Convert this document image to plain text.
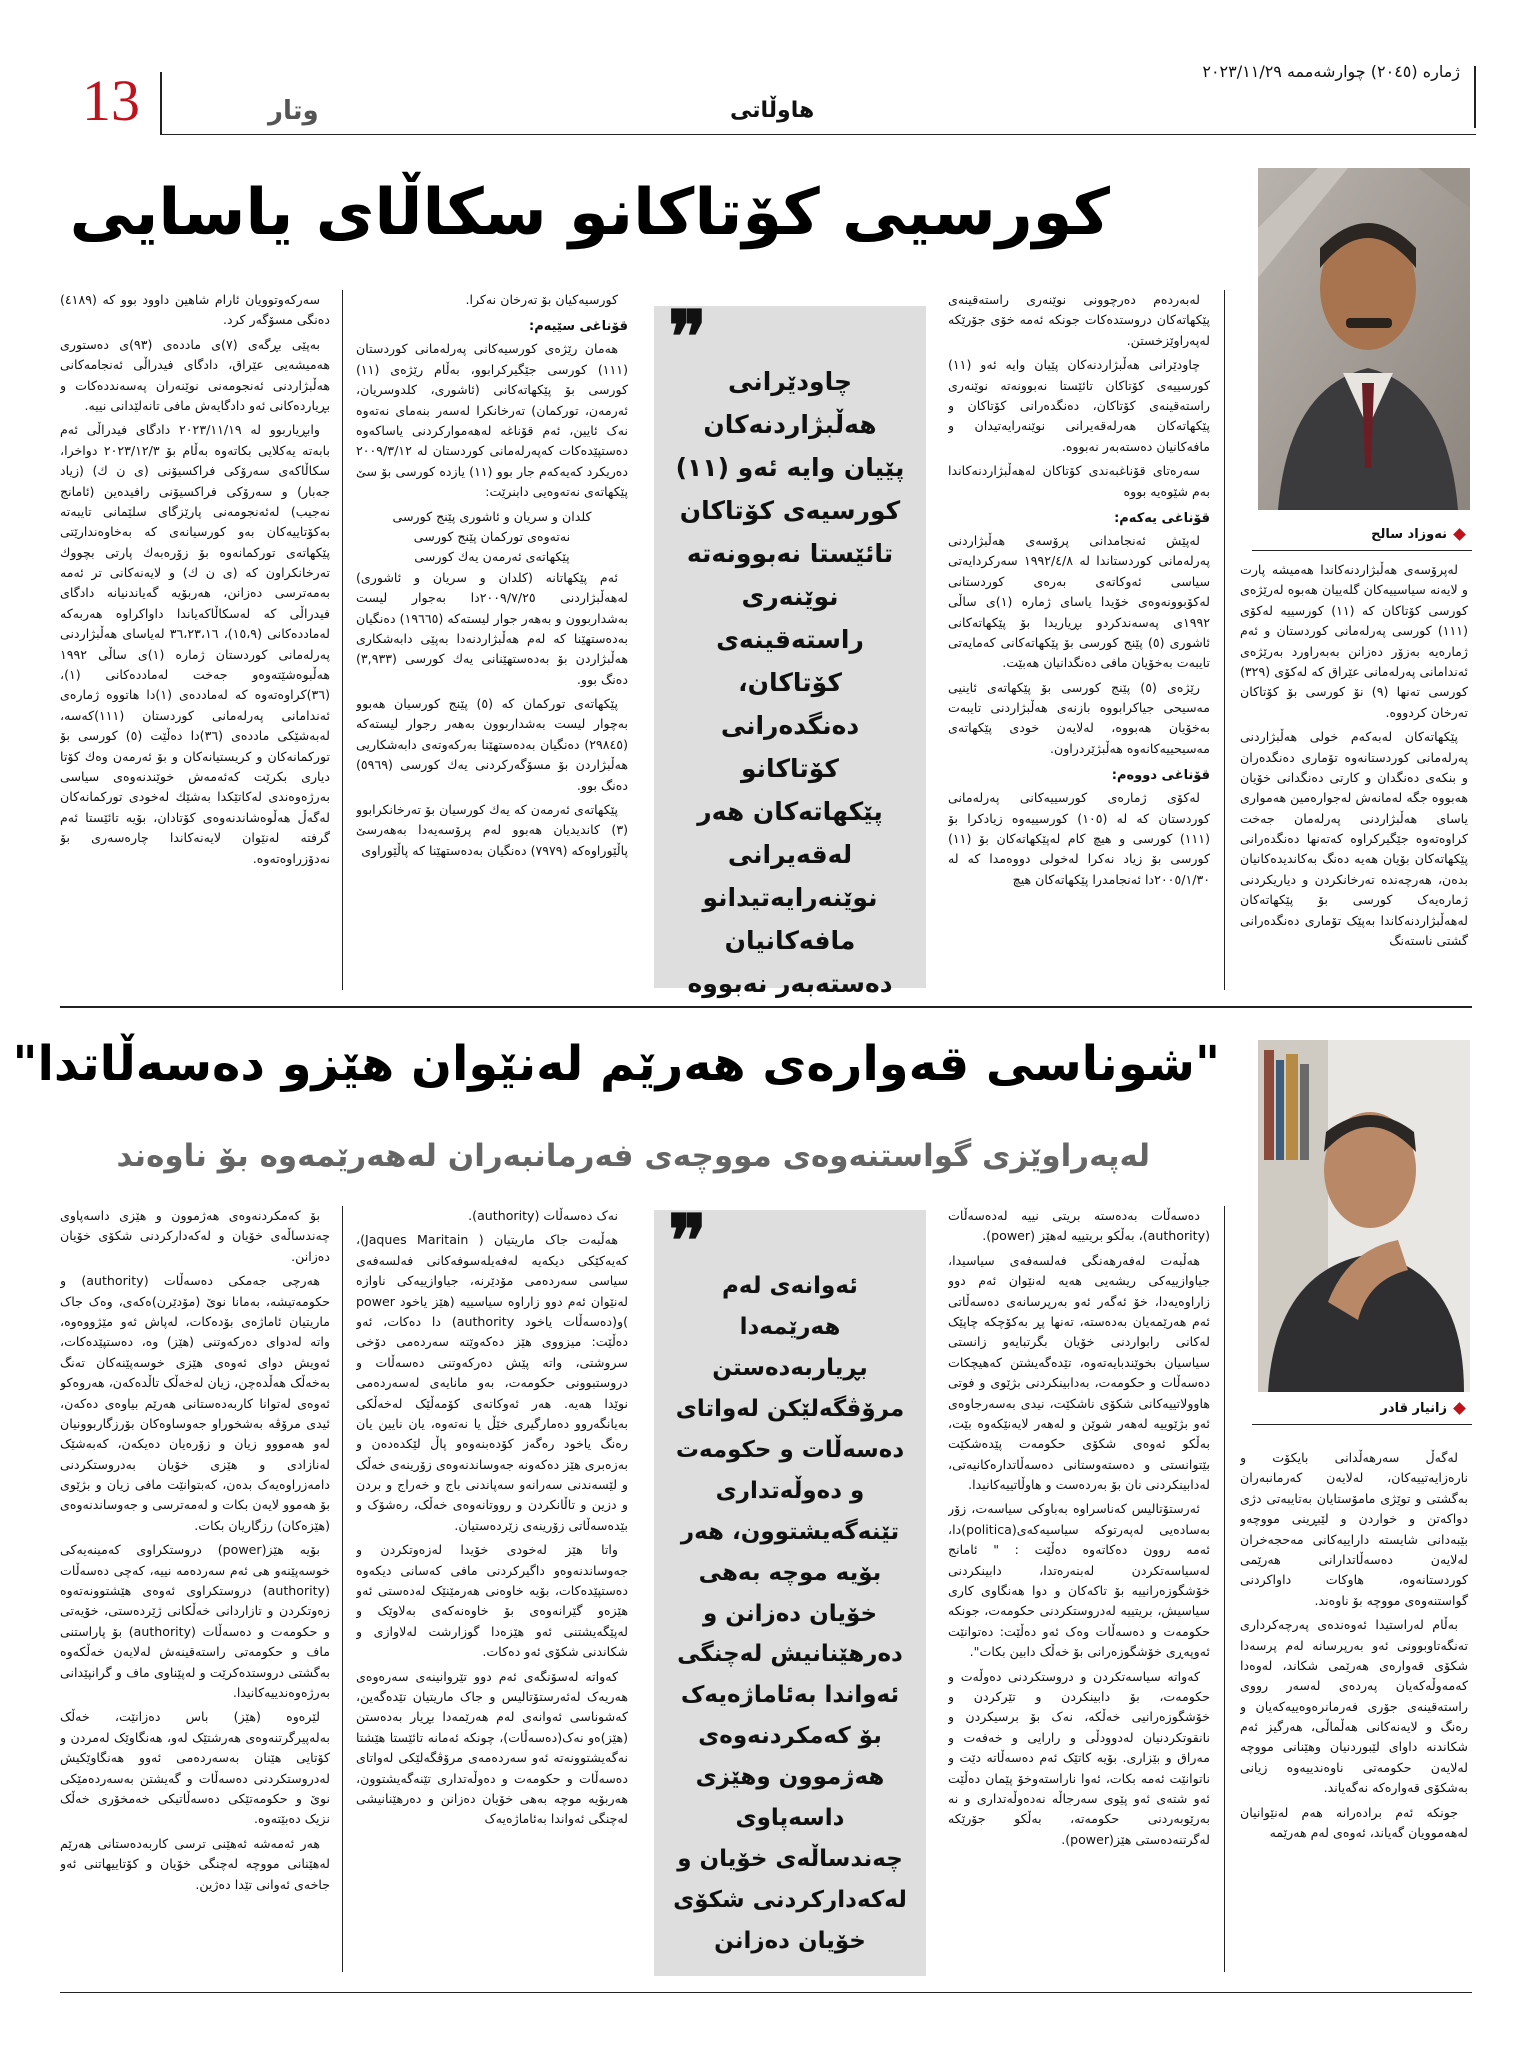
13	وتار	هاوڵاتی
ژمارە (٢٠٤٥) چوارشەممە ٢٠٢٣/١١/٢٩
کورسیی کۆتاکانو سکاڵای یاسایی
نەوزاد سالح

لەپرۆسەی هەڵبژاردنەکاندا هەمیشە پارت و لایەنە سیاسییەکان گلەییان هەبوە لەرێژەی کورسی کۆتاکان کە (١١) کورسییە لەکۆی (١١١) کورسی پەرلەمانی کوردستان و ئەم ژمارەیە بەزۆر دەزانن بەبەراورد بەرێژەی ئەندامانی پەرلەمانی عێراق کە لەکۆی (٣٢٩) کورسی تەنها (٩) نۆ کورسی بۆ کۆتاکان تەرخان کردووە.

پێکهاتەکان لەبەکەم خولی هەڵبژاردنی پەرلەمانی کوردستانەوە تۆماری دەنگدەران و بنکەی دەنگدان و کارتی دەنگدانی خۆیان هەبووە جگە لەمانەش لەجوارەمین هەمواری یاسای هەڵبژاردنی پەرلەمان جەخت کراوەتەوە جێگیرکراوە کەتەنها دەنگدەرانی پێکهاتەکان بۆیان هەیە دەنگ بەکاندیدەکانیان بدەن، هەرچەندە تەرخانکردن و دیاریکردنی ژمارەیەک کورسی بۆ پێکهاتەکان لەهەڵبژاردنەکاندا بەپێک تۆماری دەنگدەرانی گشتی ناستەنگ

لەبەردەم دەرچوونی نوێنەری راستەقینەی پێکهاتەکان دروستدەکات جونکە ئەمە خۆی جۆرێکە لەپەراوێزخستن.

چاودێرانی هەڵبژاردنەکان پێیان وایە ئەو (١١) کورسییەی کۆتاکان تائێستا نەبوونەتە نوێنەری راستەقینەی کۆتاکان، دەنگدەرانی کۆتاکان و پێکهاتەکان هەرلەقەیرانی نوێنەرایەتیدان و مافەکانیان دەستەبەر نەبووە.

سەرەتای قۆناغبەندی کۆتاکان لەهەڵبژاردنەکاندا بەم شێوەیە بووە

قۆناغی یەکەم:

لەپێش ئەنجامدانی پرۆسەی هەڵبژاردنی پەرلەمانی کوردستاندا لە ١٩٩٢/٤/٨ سەرکردایەتی سیاسی ئەوکاتەی بەرەی کوردستانی لەکۆبوونەوەی خۆیدا یاسای ژمارە (١)ی ساڵی ١٩٩٢ی پەسەندکردو بڕیاریدا بۆ پێکهاتەکانی ئاشوری (٥) پێنج کورسی بۆ پێکهاتەکانی کەمایەتی تایبەت بەخۆیان مافی دەنگدانیان هەبێت.

رێژەی (٥) پێنج کورسی بۆ پێکهاتەی ئاینیی مەسیحی جیاکرابووە بازنەی هەڵبژاردنی تایبەت بەخۆیان هەبووە، لەلایەن خودی پێکهاتەی مەسیحییەکانەوە هەڵبژێردراون.

قۆناغی دووەم:

لەکۆی ژمارەی کورسییەکانی پەرلەمانی کوردستان کە لە (١٠٥) کورسییەوە زیادکرا بۆ (١١١) کورسی و هیچ کام لەپێکهاتەکان بۆ (١١) کورسی بۆ زیاد نەکرا لەخولی دووەمدا کە لە ٢٠٠٥/١/٣٠دا ئەنجامدرا پێکهاتەکان هیچ

❞
چاودێرانی هەڵبژاردنەکان پێیان وایە ئەو (١١) کورسیەی کۆتاکان تائێستا نەبوونەتە نوێنەری راستەقینەی کۆتاکان، دەنگدەرانی کۆتاکانو پێکهاتەکان هەر لەقەیرانی نوێنەرایەتیدانو مافەکانیان دەستەبەر نەبووە

کورسیەکیان بۆ تەرخان نەکرا.

قۆناغی سێیەم:

هەمان رێژەی کورسیەکانی پەرلەمانی کوردستان (١١١) کورسی جێگیرکرابوو، بەڵام رێژەی (١١) کورسی بۆ پێکهاتەکانی (ئاشوری، کلدوسریان، ئەرمەن، تورکمان) تەرخانکرا لەسەر بنەمای نەتەوە نەک ئایین، ئەم قۆناغە لەهەمواركردنی یاساكەوە دەستپێدەكات كەپەرلەمانی كوردستان لە ٢٠٠٩/٣/١٢ دەریكرد كەیەكەم جار بوو (١١) یازدە كورسی بۆ سێ پێكهاتەی نەتەوەیی دابنرێت:

كلدان و سریان و ئاشوری پێنج كورسی

نەتەوەی توركمان پێنج كورسی

پێكهاتەی ئەرمەن یەك كورسی

ئەم پێکهاتانە (كلدان و سریان و ئاشوری) لەهەڵبژاردنی ٢٠٠٩/٧/٢٥دا بەجوار لیست بەشداربوون و بەهەر جوار لیستەكە (١٩٦٦٥) دەنگیان بەدەستهێنا كە لەم هەڵبژاردنەدا بەپێی دابەشكاری هەڵبژاردن بۆ بەدەستهێنانی یەك كورسی (٣,٩٣٣) دەنگ بوو.

پێكهاتەی توركمان كە (٥) پێنج كورسیان هەبوو بەچوار لیست بەشداربوون بەهەر رجوار لیستەكە (٢٩٨٤٥) دەنگیان بەدەستهێنا بەركەوتەی دابەشكاریی هەڵبژاردن بۆ مسۆگەركردنی یەك كورسی (٥٩٦٩) دەنگ بوو.

پێكهاتەی ئەرمەن كە یەك كورسیان بۆ تەرخانكرابوو (٣) كاندیدیان هەبوو لەم پرۆسەیەدا بەهەرسێ پاڵێوراوەكە (٧٩٧٩) دەنگیان بەدەستهێنا كە پاڵێوراوی

سەركەوتوویان ئارام شاهین داوود بوو كە (٤١٨٩) دەنگی مسۆگەر كرد.

بەپێی بڕگەی (٧)ی ماددەی (٩٣)ی دەستوری هەمیشەیی عێراق، دادگای فیدراڵی ئەنجامەكانی هەڵبژاردنی ئەنجومەنی نوێنەران پەسەنددەكات و بڕیاردەكانی ئەو دادگایەش مافی تانەلێدانی نییە.

وابڕیاربوو لە ٢٠٢٣/١١/١٩ دادگای فیدراڵی ئەم بابەتە یەكلایی بكاتەوە بەڵام بۆ ٢٠٢٣/١٢/٣ دواخرا، سكاڵاكەی سەرۆكی فراكسیۆنی (ی ن ك) (زیاد جەبار) و سەرۆكی فراكسیۆنی رافیدەین (ئامانج نەجیب) لەئەنجومەنی پارێزگای سلێمانی تایبەتە بەكۆتاییەكان بەو كورسیانەی كە بەخاوەندارێتی پێكهاتەی توركمانەوە بۆ زۆرەبەك پارتی بچووك تەرخانكراون كە (ی ن ك) و لایەنەكانی تر ئەمە بەمەترسی دەزانن، هەربۆیە گەیاندنیانە دادگای فیدراڵی كە لەسكاڵاكەیاندا داواكراوە هەربەكە لەماددەكانی (١٥،٩)، ٣٦،٢٣،١٦ لەیاسای هەڵبژاردنی پەرلەمانی كوردستان ژمارە (١)ی ساڵی ١٩٩٢ هەڵبوەشێتەوەو جەخت لەماددەكانی (١)،(٣٦)كراوەتەوە كە لەماددەی (١)دا هاتووە ژمارەی ئەندامانی پەرلەمانی كوردستان (١١١)كەسە، لەبەشێكی ماددەی (٣٦)دا دەڵێت (٥) كورسی بۆ توركمانەكان و كریستیانەكان و بۆ ئەرمەن وەك كۆتا دیاری بكرێت كەئەمەش خوێندنەوەی سیاسی بەرژەوەندی لەكاتێكدا بەشێك لەخودی توركمانەكان لەگەڵ هەڵوەشاندنەوەی كۆتادان، بۆیە تائێستا ئەم گرفتە لەنێوان لایەنەكاندا چارەسەری بۆ نەدۆزراوەتەوە.

"شوناسی قەوارەی هەرێم لەنێوان هێزو دەسەڵاتدا"
لەپەراوێزی گواستنەوەی مووچەی فەرمانبەران لەهەرێمەوە بۆ ناوەند
زانیار قادر

لەگەڵ سەرهەڵدانی بایکۆت و نارەزایەتییەکان، لەلایەن کەرمانبەران بەگشتی و توێژی مامۆستایان بەتایبەتی دژی دواکەتن و خواردن و لێبڕینی مووچەو بێبەدانی شایستە داراییەکانی مەحجەخران لەلایەن دەسەڵاتدارانی هەرێمی کوردستانەوە، هاوکات داواکردنی گواستنەوەی مووچە بۆ ناوەند.

بەڵام لەراستیدا ئەوەندەی پەرچەکرداری تەنگەتاوبوونی ئەو بەرپرسانە لەم پرسەدا شکۆی قەوارەی هەرێمی شکاند، لەوەدا کەمەوڵەکەیان پەردەی لەسەر رووی راستەقینەی جۆری فەرمانرەوەییەکەیان و رەنگ و لایەنەکانی هەڵماڵی، هەرگیز ئەم شکاندنە داوای لێبوردنیان وهێنانی مووچە لەلایەن حکومەتی ناوەندییەوە زیانی بەشکۆی قەوارەکە نەگەیاند.

جونکە ئەم برادەرانە هەم لەنێوانیان لەهەموویان گەیاند، ئەوەی لەم هەرێمە

دەسەڵات بەدەستە بریتی نییە لەدەسەڵات (authority)، بەڵکو بریتییە لەهێز (power).

هەڵبەت لەفەرهەنگی فەلسەفەی سیاسیدا، جیاوازییەکی ریشەیی هەیە لەنێوان ئەم دوو زاراوەیەدا، خۆ ئەگەر ئەو بەرپرسانەی دەسەڵاتی ئەم هەرێمەیان بەدەستە، تەنها پڕ بەکۆچکە چاپێک لەکانی رابواردنی خۆیان بگرتبایەو زانستی سیاسیان بخوێندبایەتەوە، تێدەگەیشتن کەهیچکات دەسەڵات و حکومەت، بەدابینکردنی بژێوی و فوتی هاوولاتییەکانی شکۆی ناشکێت، نیدی بەسەرجاوەی ئەو بژێوییە لەهەر شوێن و لەهەر لایەنێکەوە بێت، بەڵکو ئەوەی شکۆی حکومەت پێدەشکێت بێتوانستی و دەستەوستانی دەسەڵاتدارەکانیەتی، لەدابینکردنی نان بۆ بەردەست و هاوڵاتییەکانیدا.

ئەرستۆتالیس کەناسراوە بەباوکی سیاسەت، زۆر بەسادەیی لەپەرتوکە سیاسیەکەی(politica)دا، ئەمە روون دەکاتەوە دەڵێت : " ئامانج لەسیاسەتکردن لەبنەرەتدا، دابینکردنی خۆشگوزەرانییە بۆ تاکەکان و دوا هەنگاوی کاری سیاسیش، بریتییە لەدروستکردنی حکومەت، جونکە حکومەت و دەسەڵات وەک ئەو دەڵێت: دەتوانێت ئەوپەڕی خۆشگوزەرانی بۆ خەڵک دابین بکات".

کەواتە سیاسەتکردن و دروستکردنی دەوڵەت و حکومەت، بۆ دابینکردن و تێرکردن و خۆشگوزەرانیی خەڵکە، نەک بۆ برسیکردن و نانقوتکردنیان لەدوودڵی و رارایی و خەفەت و مەراق و بێزاری. بۆیە کاتێک ئەم دەسەڵاتە دێت و ناتوانێت ئەمە بکات، ئەوا ناراستەوخۆ پێمان دەڵێت ئەو شتەی ئەو پێوی سەرجاڵە نەدەوڵەتداری و نە بەرێوبەردنی حکومەتە، بەڵکو جۆرێکە لەگرتنەدەستی هێز(power).

❞
ئەوانەی لەم هەرێمەدا بڕیاربەدەستن مرۆڤگەلێکن لەواتای دەسەڵات و حکومەت و دەوڵەتداری تێنەگەیشتوون، هەر بۆیە موچە بەهی خۆیان دەزانن و دەرهێنانیش لەچنگی ئەواندا بەئاماژەیەک بۆ کەمکردنەوەی هەژموون وهێزی داسەپاوی چەندساڵەی خۆیان و لەکەدارکردنی شکۆی خۆیان دەزانن

نەک دەسەڵات (authority).

هەڵبەت جاک ماریتیان ( Jaques Maritain)، کەیەکێکی دیکەیە لەفەیلەسوفەکانی فەلسەفەی سیاسی سەردەمی مۆدێرنە، جیاوازییەکی ناوازە لەنێوان ئەم دوو زاراوە سیاسییە (هێز یاخود power )و(دەسەڵات یاخود authority) دا دەکات، ئەو دەڵێت: میزووی هێز دەکەوێتە سەردەمی دۆخی سروشتی، واتە پێش دەرکەوتنی دەسەڵات و دروستبوونی حکومەت، بەو مانایەی لەسەردەمی نوێدا هەیە. هەر ئەوکاتەی کۆمەڵێک لەخەڵکی بەیانگەروو دەمارگیری خێڵ یا نەتەوە، یان نایین یان رەنگ یاخود رەگەز کۆدەبنەوەو پاڵ لێکدەدەن و بەزەبری هێز دەکەونە جەوساندنەوەی زۆرینەی خەڵک و لێسەندنی سەرانەو سەپاندنی باج و خەراج و بردن و دزین و تاڵانکردن و رووتانەوەی خەڵک، رەشۆک و بێدەسەڵاتی زۆرینەی زێردەستیان.

واتا هێز لەخودی خۆیدا لەزەوتکردن و جەوساندنەوەو داگیرکردنی مافی کەسانی دیکەوە دەستپێدەکات، بۆیە خاوەنی هەرمێنێک لەدەستی ئەو هێزەو گێرانەوەی بۆ خاوەنەکەی بەلاوێک و لەپێگەیشتنی ئەو هێزەدا گوزارشت لەلاوازی و شکاندنی شکۆی ئەو دەکات.

کەواتە لەسۆنگەی ئەم دوو تێروانینەی سەرەوەی هەریەک لەئەرستۆتالیس و جاک ماریتیان تێدەگەین، کەشوناسی ئەوانەی لەم هەرێمەدا بڕیار بەدەستن (هێز)ەو نەک(دەسەڵات)، چونکە ئەمانە تائێستا هێشتا نەگەیشتوونەتە ئەو سەردەمەی مرۆڤگەلێکی لەواتای دەسەڵات و حکومەت و دەوڵەتداری تێنەگەیشتوون، هەربۆیە موچە بەهی خۆیان دەزانن و دەرهێنانیشی لەچنگی ئەواندا بەئاماژەیەک

بۆ کەمکردنەوەی هەژموون و هێزی داسەپاوی چەندساڵەی خۆیان و لەکەدارکردنی شکۆی خۆیان دەزانن.

هەرچی جەمکی دەسەڵات (authority) و حکومەتیشە، بەمانا نوێ (مۆدێرن)ەکەی، وەک جاک ماریتیان ئاماژەی بۆدەکات، لەپاش ئەو مێژووەوە، واتە لەدوای دەرکەوتنی (هێز) وە، دەستپێدەکات، ئەویش دوای ئەوەی هێزی خوسەپێنەکان تەنگ بەخەڵک هەڵدەچن، زیان لەخەڵک تاڵدەکەن، هەروەکو ئەوەی لەتوانا کاربەدەستانی هەرێم بیاوەی دەکەن، ئیدی مرۆڤە بەشخوراو جەوساوەکان بۆرزگاربوونیان لەو هەمووو زیان و زۆرەیان دەیکەن، کەبەشێک لەنازادی و هێزی خۆیان بەدروستکردنی دامەزراوەیەک بدەن، کەبتوانێت مافی زیان و بژێوی بۆ هەموو لایەن بکات و لەمەترسی و جەوساندنەوەی (هێزەکان) رزگاریان بکات.

بۆیە هێز(power) دروستکراوی کەمینەیەکی خوسەپێنەو هی ئەم سەردەمە نییە، کەچی دەسەڵات (authority) دروستکراوی ئەوەی هێشتوونەتەوە زەوتکردن و تازاردانی خەڵکانی ژێردەستی، خۆیەتی و حکومەت و دەسەڵات (authority) بۆ پاراستنی ماف و حکومەتی راستەقینەش لەلایەن خەڵکەوە بەگشتی دروستدەکرێت و لەپێناوی ماف و گرانپێدانی بەرژەوەندییەکانیدا.

لێرەوە (هێز) باس دەزانێت، خەڵک بەلەپیرگرتنەوەی هەرشتێک لەو، هەنگاوێک لەمردن و کۆتایی هێنان بەسەردەمی ئەوو هەنگاوێکیش لەدروستکردنی دەسەڵات و گەیشتن بەسەردەمێکی نوێ و حکومەتێکی دەسەڵاتیکی خەمخۆری خەڵک نزیک دەبێتەوە.

هەر ئەمەشە ئەهێنی ترسی کاربەدەستانی هەرێم لەهێنانی مووچە لەچنگی خۆیان و کۆتاییهاتنی ئەو جاخەی ئەوانی تێدا دەژین.
